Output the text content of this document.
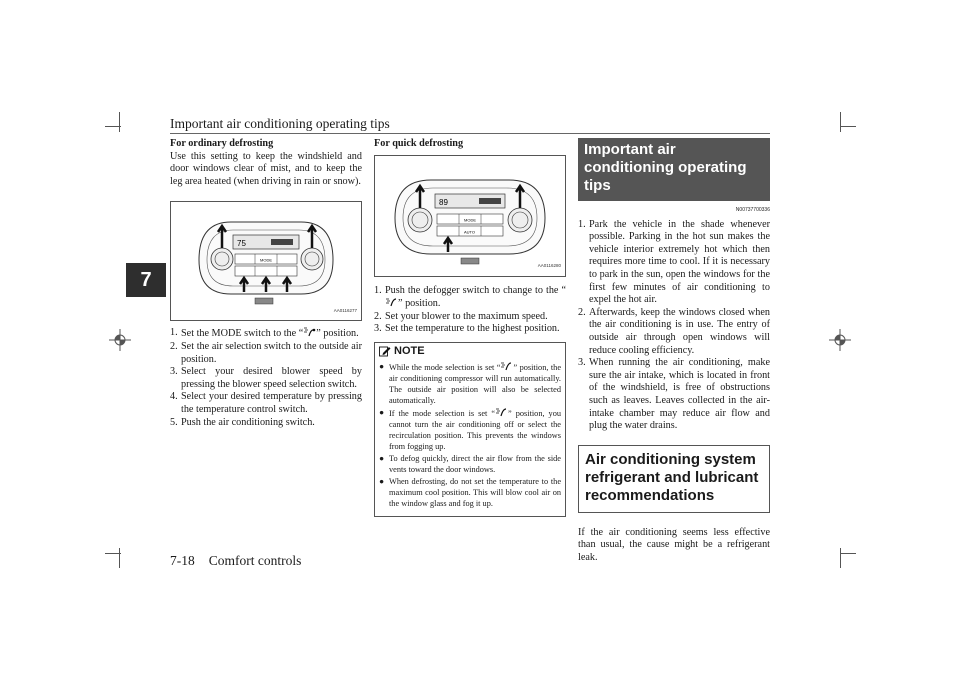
Important air conditioning operating tips
7
For ordinary defrosting
Use this setting to keep the windshield and door windows clear of mist, and to keep the leg area heated (when driving in rain or snow).
75
MODE
AA0116277
1. Set the MODE switch to the “ ” position.
2. Set the air selection switch to the outside air position.
3. Select your desired blower speed by pressing the blower speed selection switch.
4. Select your desired temperature by pressing the temperature control switch.
5. Push the air conditioning switch.
For quick defrosting
89
MODE
AUTO
AA0116280
1. Push the defogger switch to change to the “” position.
2. Set your blower to the maximum speed.
3. Set the temperature to the highest position.
NOTE
● While the mode selection is set “ ” position, the air conditioning compressor will run automatically. The outside air position will also be selected automatically.
● If the mode selection is set “ ” position, you cannot turn the air conditioning off or select the recirculation position. This prevents the windows from fogging up.
● To defog quickly, direct the air flow from the side vents toward the door windows.
● When defrosting, do not set the temperature to the maximum cool position. This will blow cool air on the window glass and fog it up.
Important air conditioning operating tips
N00737700336
1. Park the vehicle in the shade whenever possible. Parking in the hot sun makes the vehicle interior extremely hot which then requires more time to cool. If it is necessary to park in the sun, open the windows for the first few minutes of air conditioning to expel the hot air.
2. Afterwards, keep the windows closed when the air conditioning is in use. The entry of outside air through open windows will reduce cooling efficiency.
3. When running the air conditioning, make sure the air intake, which is located in front of the windshield, is free of obstructions such as leaves. Leaves collected in the air-intake chamber may reduce air flow and plug the water drains.
Air conditioning system refrigerant and lubricant recommendations
If the air conditioning seems less effective than usual, the cause might be a refrigerant leak.
7-18 Comfort controls
